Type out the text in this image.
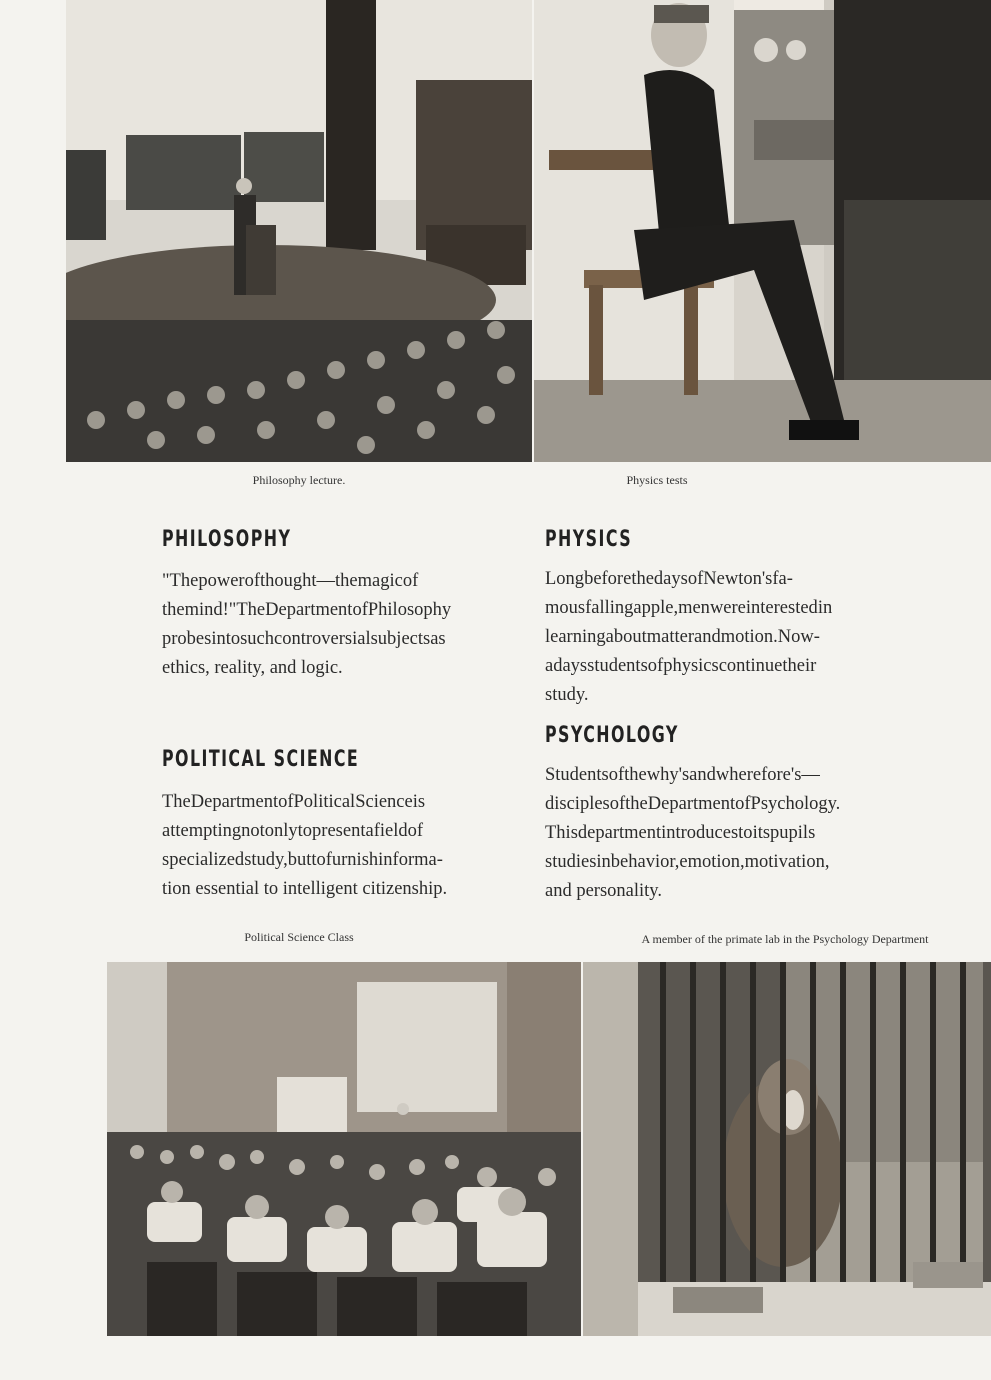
Philosophy lecture.	Physics tests
PHILOSOPHY
"Thepowerofthought—themagicof
themind!"TheDepartmentofPhilosophy
probesintosuchcontroversialsubjectsas
ethics, reality, and logic.
PHYSICS
LongbeforethedaysofNewton'sfa-
mousfallingapple,menwereinterestedin
learningaboutmatterandmotion.Now-
adaysstudentsofphysicscontinuetheir
study.
PSYCHOLOGY
Studentsofthewhy'sandwherefore's—
disciplesoftheDepartmentofPsychology.
Thisdepartmentintroducestoitspupils
studiesinbehavior,emotion,motivation,
and personality.
POLITICAL SCIENCE
TheDepartmentofPoliticalScienceis
attemptingnotonlytopresentafieldof
specializedstudy,buttofurnishinforma-
tion essential to intelligent citizenship.
Political Science Class	A member of the primate lab in the Psychology Department
